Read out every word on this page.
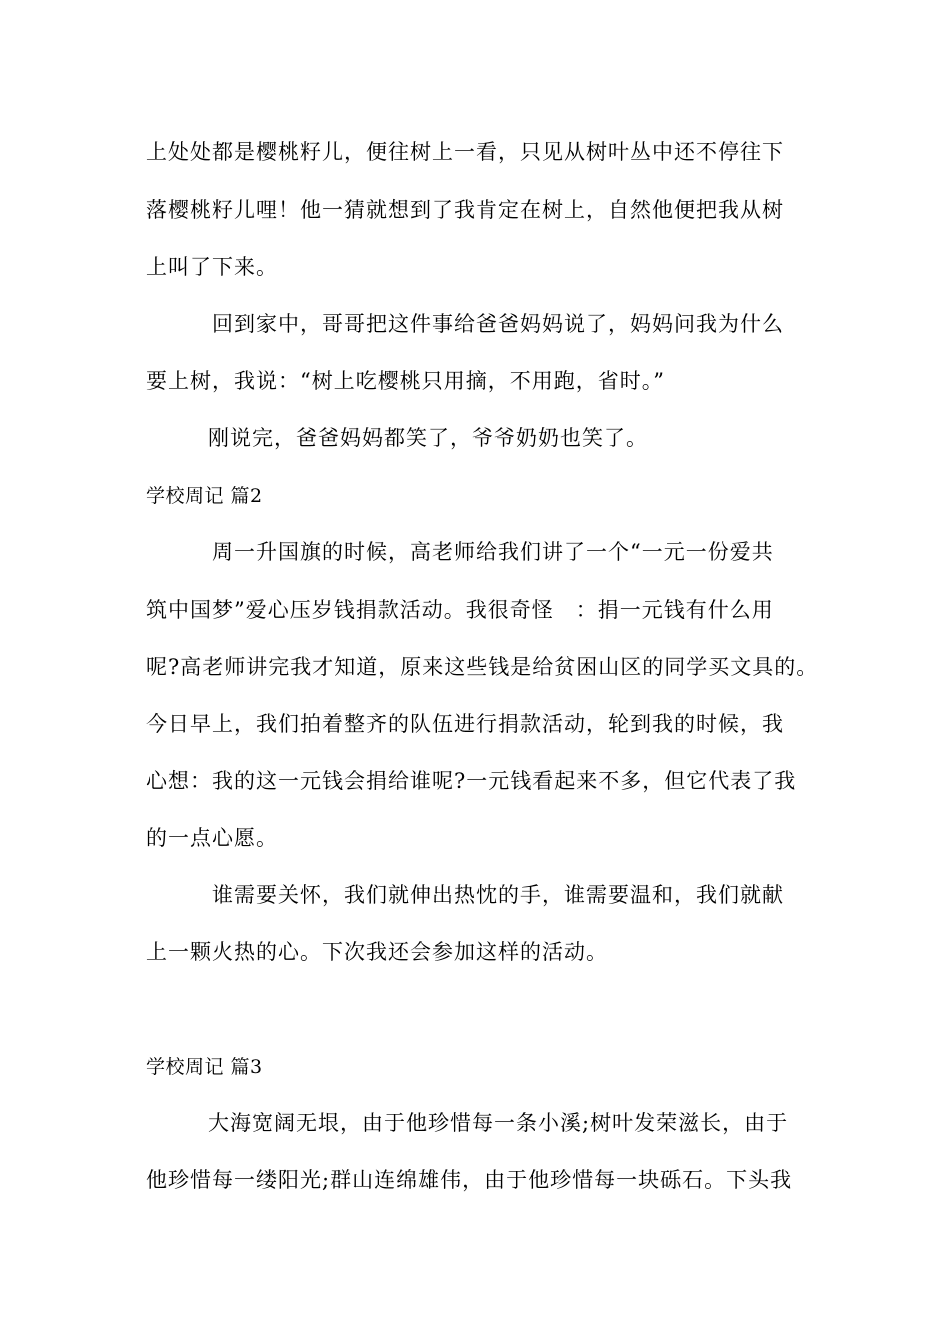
上处处都是樱桃籽儿，便往树上一看，只见从树叶丛中还不停往下
落樱桃籽儿哩！他一猜就想到了我肯定在树上，自然他便把我从树
上叫了下来。
回到家中，哥哥把这件事给爸爸妈妈说了，妈妈问我为什么
要上树，我说：“树上吃樱桃只用摘，不用跑，省时。”
刚说完，爸爸妈妈都笑了，爷爷奶奶也笑了。
学校周记 篇2
周一升国旗的时候，高老师给我们讲了一个“一元一份爱共
筑中国梦”爱心压岁钱捐款活动。我很奇怪　：捐一元钱有什么用
呢?高老师讲完我才知道，原来这些钱是给贫困山区的同学买文具的。
今日早上，我们拍着整齐的队伍进行捐款活动，轮到我的时候，我
心想：我的这一元钱会捐给谁呢?一元钱看起来不多，但它代表了我
的一点心愿。
谁需要关怀，我们就伸出热忱的手，谁需要温和，我们就献
上一颗火热的心。下次我还会参加这样的活动。
学校周记 篇3
大海宽阔无垠，由于他珍惜每一条小溪;树叶发荣滋长，由于
他珍惜每一缕阳光;群山连绵雄伟，由于他珍惜每一块砾石。下头我
